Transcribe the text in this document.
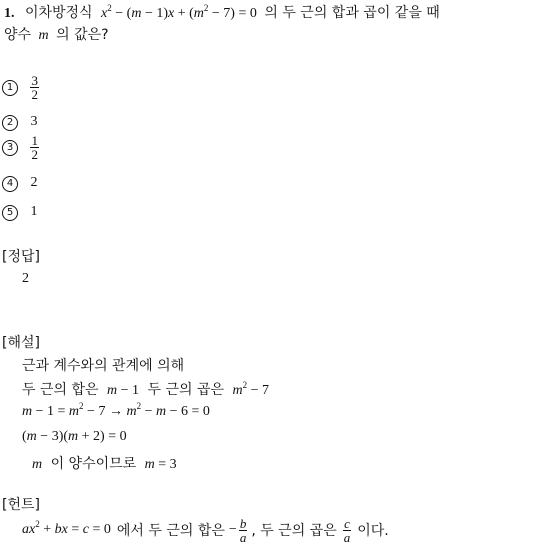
1. 이차방정식 $x^2 - (m - 1)x + (m^2 - 7) = 0$ 의 두 근의 합과 곱이 같을 때
양수 m 의 값은?
$1 \frac{3}{2}$
2 3
$3 \frac{1}{2}$
4 2
5 1
[정답]
2
[해설]
근과 계수와의 관계에 의해
두 근의 합은 m − 1 두 근의 곱은 $m^2 - 7$
$m - 1 = m^2 - 7 \to m^2 - m - 6 = 0$
(m − 3)(m + 2) = 0
m 이 양수이므로 m = 3
[헌트]
$ax^2$ + bx = c = 0 에서 두 근의 합은 − $\frac{b}{a}$ , 두 근의 곱은 $\frac{c}{a}$ 이다.
